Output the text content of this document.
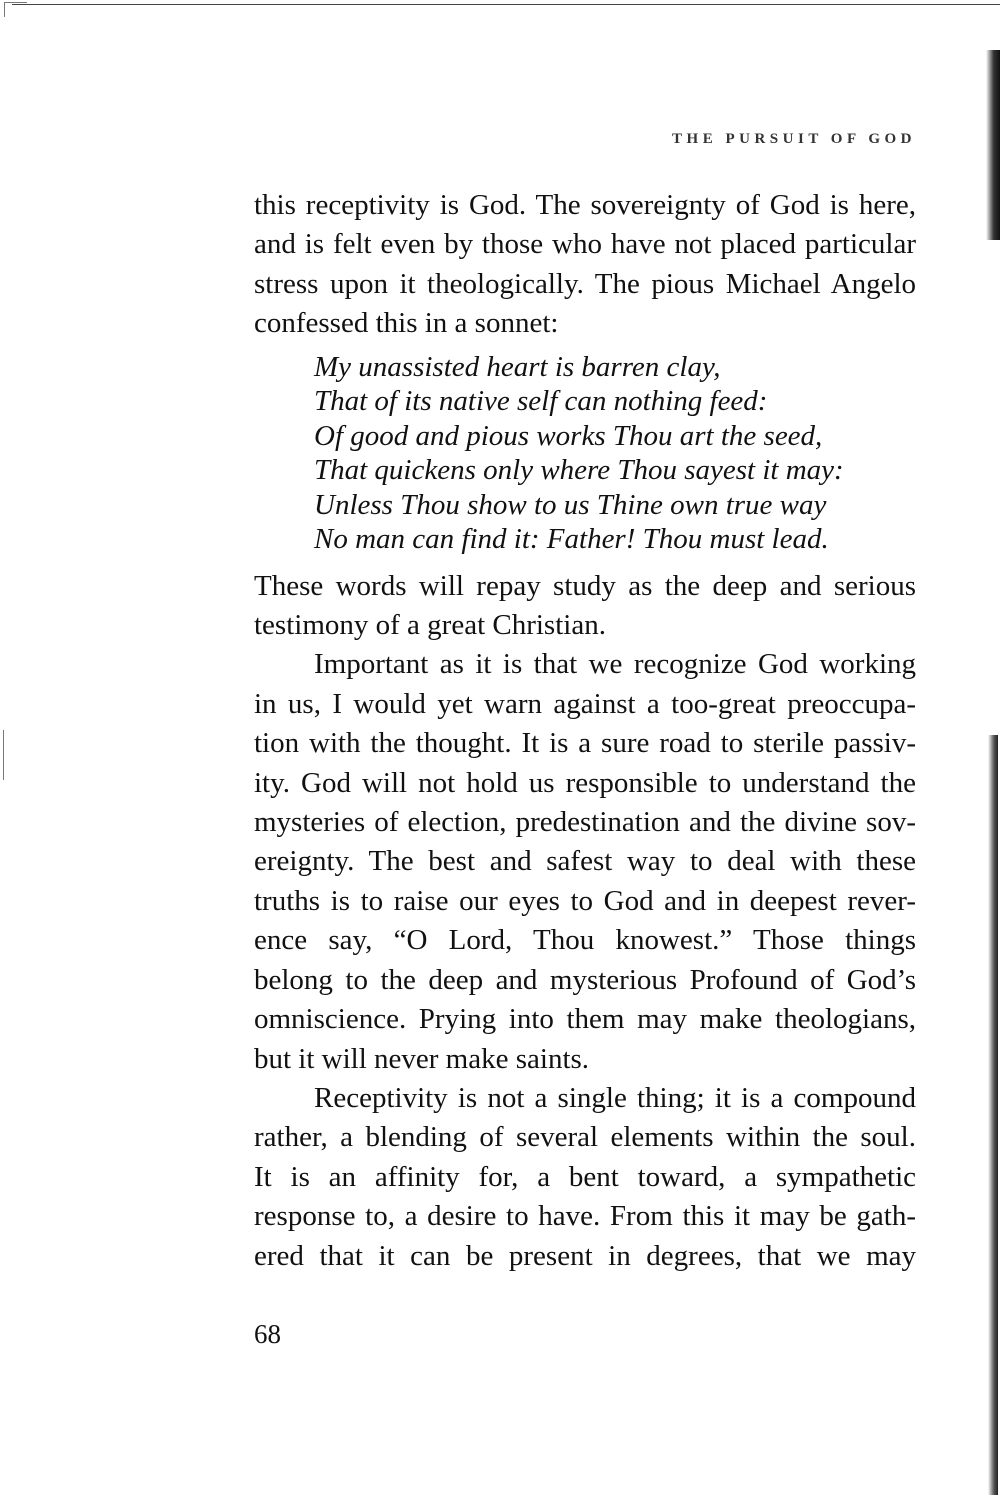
THE PURSUIT OF GOD

this receptivity is God. The sovereignty of God is here,
and is felt even by those who have not placed particular
stress upon it theologically. The pious Michael Angelo
confessed this in a sonnet:

My unassisted heart is barren clay,
That of its native self can nothing feed:
Of good and pious works Thou art the seed,
That quickens only where Thou sayest it may:
Unless Thou show to us Thine own true way
No man can find it: Father! Thou must lead.

These words will repay study as the deep and serious
testimony of a great Christian.

Important as it is that we recognize God working
in us, I would yet warn against a too-great preoccupa-
tion with the thought. It is a sure road to sterile passiv-
ity. God will not hold us responsible to understand the
mysteries of election, predestination and the divine sov-
ereignty. The best and safest way to deal with these
truths is to raise our eyes to God and in deepest rever-
ence say, “O Lord, Thou knowest.” Those things
belong to the deep and mysterious Profound of God’s
omniscience. Prying into them may make theologians,
but it will never make saints.

Receptivity is not a single thing; it is a compound
rather, a blending of several elements within the soul.
It is an affinity for, a bent toward, a sympathetic
response to, a desire to have. From this it may be gath-
ered that it can be present in degrees, that we may

68
